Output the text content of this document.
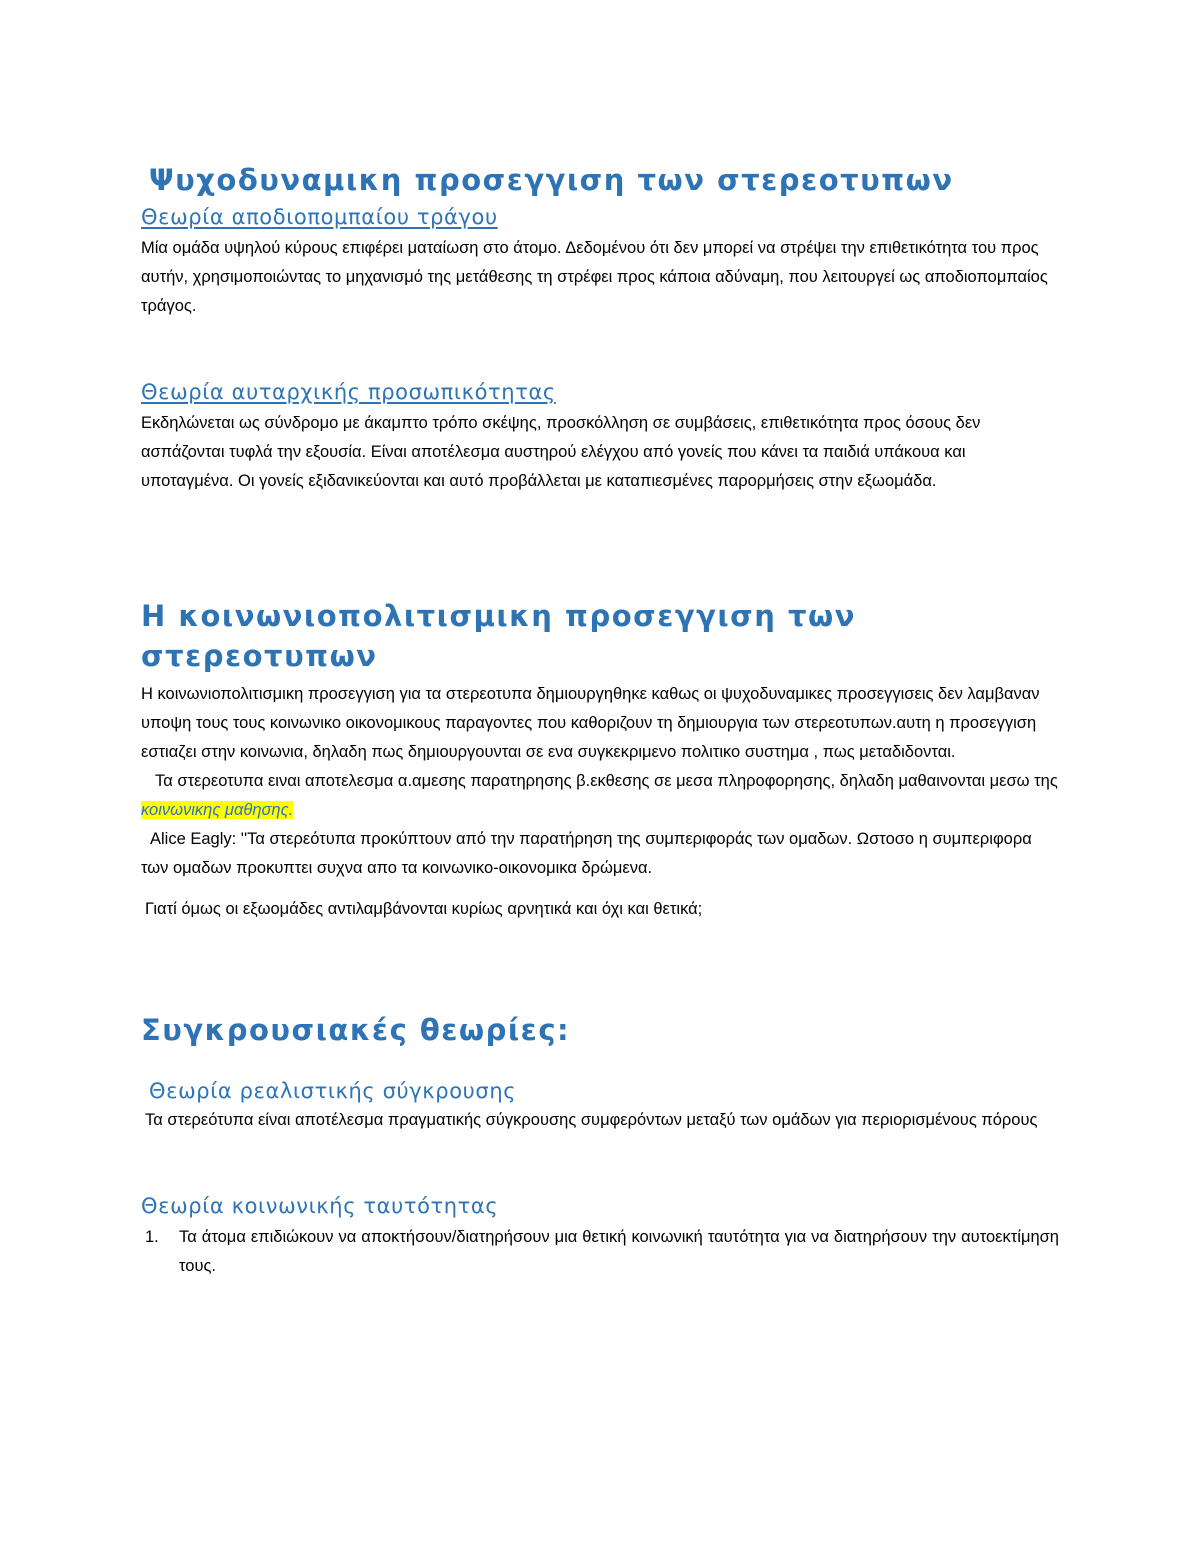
Ψυχοδυναμικη προσεγγιση των στερεοτυπων
Θεωρία αποδιοπομπαίου τράγου

Μία ομάδα υψηλού κύρους επιφέρει ματαίωση στο άτομο. Δεδομένου ότι δεν μπορεί να στρέψει την επιθετικότητα του προς αυτήν, χρησιμοποιώντας το μηχανισμό της μετάθεσης τη στρέφει προς κάποια αδύναμη, που λειτουργεί ως αποδιοπομπαίος τράγος.

Θεωρία αυταρχικής προσωπικότητας

Εκδηλώνεται ως σύνδρομο με άκαμπτο τρόπο σκέψης, προσκόλληση σε συμβάσεις, επιθετικότητα προς όσους δεν ασπάζονται τυφλά την εξουσία. Είναι αποτέλεσμα αυστηρού ελέγχου από γονείς που κάνει τα παιδιά υπάκουα και υποταγμένα. Οι γονείς εξιδανικεύονται και αυτό προβάλλεται με καταπιεσμένες παρορμήσεις στην εξωομάδα.

Η κοινωνιοπολιτισμικη προσεγγιση των
στερεοτυπων

Η κοινωνιοπολιτισμικη προσεγγιση για τα στερεοτυπα δημιουργηθηκε καθως οι ψυχοδυναμικες προσεγγισεις δεν λαμβαναν υποψη τους τους κοινωνικο οικονομικους παραγοντες που καθοριζουν τη δημιουργια των στερεοτυπων.αυτη η προσεγγιση εστιαζει στην κοινωνια, δηλαδη πως δημιουργουνται σε ενα συγκεκριμενο πολιτικο συστημα , πως μεταδιδονται.

Τα στερεοτυπα ειναι αποτελεσμα α.αμεσης παρατηρησης β.εκθεσης σε μεσα πληροφορησης, δηλαδη μαθαινονται μεσω της κοινωνικης μαθησης.

Alice Eagly: ''Τα στερεότυπα προκύπτουν από την παρατήρηση της συμπεριφοράς των ομαδων. Ωστοσο η συμπεριφορα των ομαδων προκυπτει συχνα απο τα κοινωνικο-οικονομικα δρώμενα.

Γιατί όμως οι εξωομάδες αντιλαμβάνονται κυρίως αρνητικά και όχι και θετικά;

Συγκρουσιακές θεωρίες:
Θεωρία ρεαλιστικής σύγκρουσης

Τα στερεότυπα είναι αποτέλεσμα πραγματικής σύγκρουσης συμφερόντων μεταξύ των ομάδων για περιορισμένους πόρους

Θεωρία κοινωνικής ταυτότητας
1. Τα άτομα επιδιώκουν να αποκτήσουν/διατηρήσουν μια θετική κοινωνική ταυτότητα για να διατηρήσουν την αυτοεκτίμηση τους.
